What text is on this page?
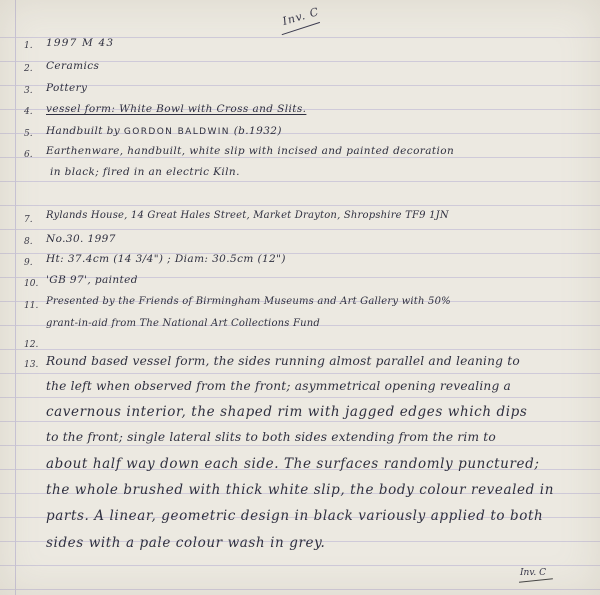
Inv. C
1. 1997 M 43
2. Ceramics
3. Pottery
4. vessel form: White Bowl with Cross and Slits.
5. Handbuilt by GORDON BALDWIN (b.1932)
6. Earthenware, handbuilt, white slip with incised and painted decoration
in black; fired in an electric Kiln.
7. Rylands House, 14 Great Hales Street, Market Drayton, Shropshire TF9 1JN
8. No.30. 1997
9. Ht: 37.4cm (14 3/4") ; Diam: 30.5cm (12")
10. 'GB 97', painted
11. Presented by the Friends of Birmingham Museums and Art Gallery with 50%
grant-in-aid from The National Art Collections Fund
12.
13. Round based vessel form, the sides running almost parallel and leaning to
the left when observed from the front; asymmetrical opening revealing a
cavernous interior, the shaped rim with jagged edges which dips
to the front; single lateral slits to both sides extending from the rim to
about half way down each side. The surfaces randomly punctured;
the whole brushed with thick white slip, the body colour revealed in
parts. A linear, geometric design in black variously applied to both
sides with a pale colour wash in grey.
Inv. C
